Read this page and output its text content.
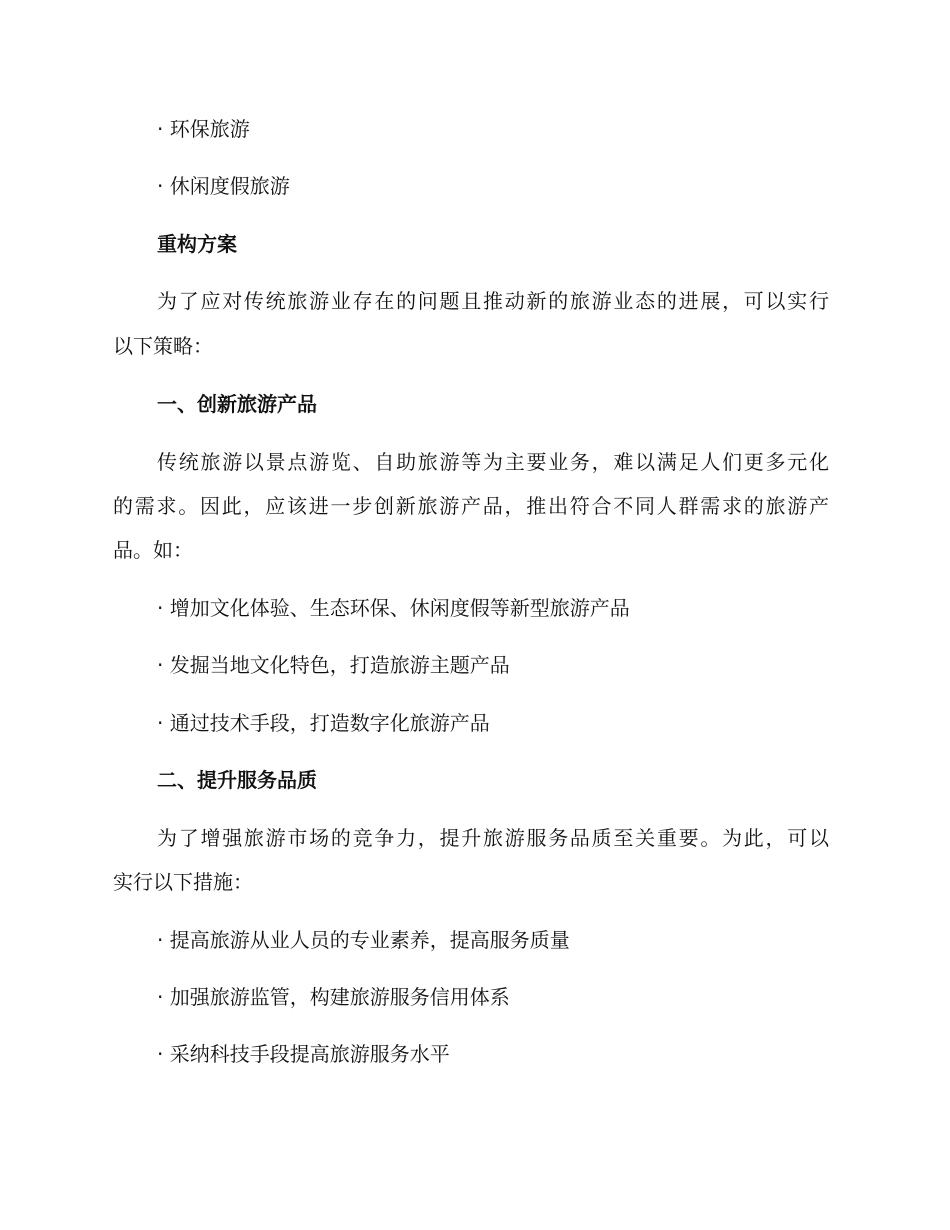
· 环保旅游
· 休闲度假旅游
重构方案
为了应对传统旅游业存在的问题且推动新的旅游业态的进展，可以实行
以下策略：
一、创新旅游产品
传统旅游以景点游览、自助旅游等为主要业务，难以满足人们更多元化
的需求。因此，应该进一步创新旅游产品，推出符合不同人群需求的旅游产
品。如：
· 增加文化体验、生态环保、休闲度假等新型旅游产品
· 发掘当地文化特色，打造旅游主题产品
· 通过技术手段，打造数字化旅游产品
二、提升服务品质
为了增强旅游市场的竞争力，提升旅游服务品质至关重要。为此，可以
实行以下措施：
· 提高旅游从业人员的专业素养，提高服务质量
· 加强旅游监管，构建旅游服务信用体系
· 采纳科技手段提高旅游服务水平
